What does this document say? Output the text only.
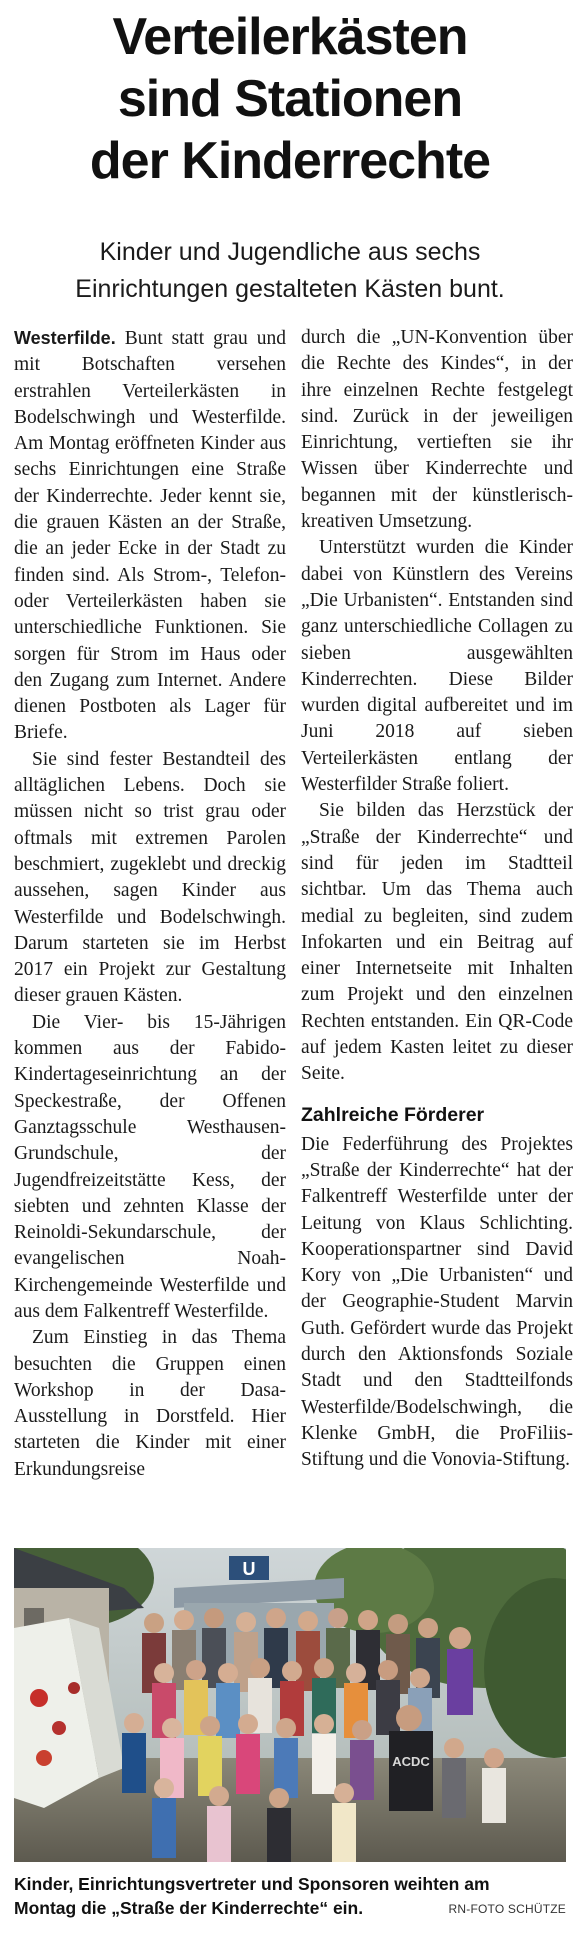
Verteilerkästen
sind Stationen
der Kinderrechte
Kinder und Jugendliche aus sechs
Einrichtungen gestalteten Kästen bunt.

Westerfilde. Bunt statt grau und mit Botschaften versehen erstrahlen Verteilerkästen in Bodelschwingh und Westerfilde. Am Montag eröffneten Kinder aus sechs Einrichtungen eine Straße der Kinderrechte. Jeder kennt sie, die grauen Kästen an der Straße, die an jeder Ecke in der Stadt zu finden sind. Als Strom-, Telefon- oder Verteilerkästen haben sie unterschiedliche Funktionen. Sie sorgen für Strom im Haus oder den Zugang zum Internet. Andere dienen Postboten als Lager für Briefe.

Sie sind fester Bestandteil des alltäglichen Lebens. Doch sie müssen nicht so trist grau oder oftmals mit extremen Parolen beschmiert, zugeklebt und dreckig aussehen, sagen Kinder aus Westerfilde und Bodelschwingh. Darum starteten sie im Herbst 2017 ein Projekt zur Gestaltung dieser grauen Kästen.

Die Vier- bis 15-Jährigen kommen aus der Fabido-Kindertageseinrichtung an der Speckestraße, der Offenen Ganztagsschule Westhausen-Grundschule, der Jugendfreizeitstätte Kess, der siebten und zehnten Klasse der Reinoldi-Sekundarschule, der evangelischen Noah-Kirchengemeinde Westerfilde und aus dem Falkentreff Westerfilde.

Zum Einstieg in das Thema besuchten die Gruppen einen Workshop in der Dasa-Ausstellung in Dorstfeld. Hier starteten die Kinder mit einer Erkundungsreise

durch die „UN-Konvention über die Rechte des Kindes“, in der ihre einzelnen Rechte festgelegt sind. Zurück in der jeweiligen Einrichtung, vertieften sie ihr Wissen über Kinderrechte und begannen mit der künstlerisch-kreativen Umsetzung.

Unterstützt wurden die Kinder dabei von Künstlern des Vereins „Die Urbanisten“. Entstanden sind ganz unterschiedliche Collagen zu sieben ausgewählten Kinderrechten. Diese Bilder wurden digital aufbereitet und im Juni 2018 auf sieben Verteilerkästen entlang der Westerfilder Straße foliert.

Sie bilden das Herzstück der „Straße der Kinderrechte“ und sind für jeden im Stadtteil sichtbar. Um das Thema auch medial zu begleiten, sind zudem Infokarten und ein Beitrag auf einer Internetseite mit Inhalten zum Projekt und den einzelnen Rechten entstanden. Ein QR-Code auf jedem Kasten leitet zu dieser Seite.

Zahlreiche Förderer

Die Federführung des Projektes „Straße der Kinderrechte“ hat der Falkentreff Westerfilde unter der Leitung von Klaus Schlichting. Kooperationspartner sind David Kory von „Die Urbanisten“ und der Geographie-Student Marvin Guth. Gefördert wurde das Projekt durch den Aktionsfonds Soziale Stadt und den Stadtteilfonds Westerfilde/Bodelschwingh, die Klenke GmbH, die ProFiliis-Stiftung und die Vonovia-Stiftung.

U
ACDC
Kinder, Einrichtungsvertreter und Sponsoren weihten am
Montag die „Straße der Kinderrechte“ ein.	RN-FOTO SCHÜTZE
